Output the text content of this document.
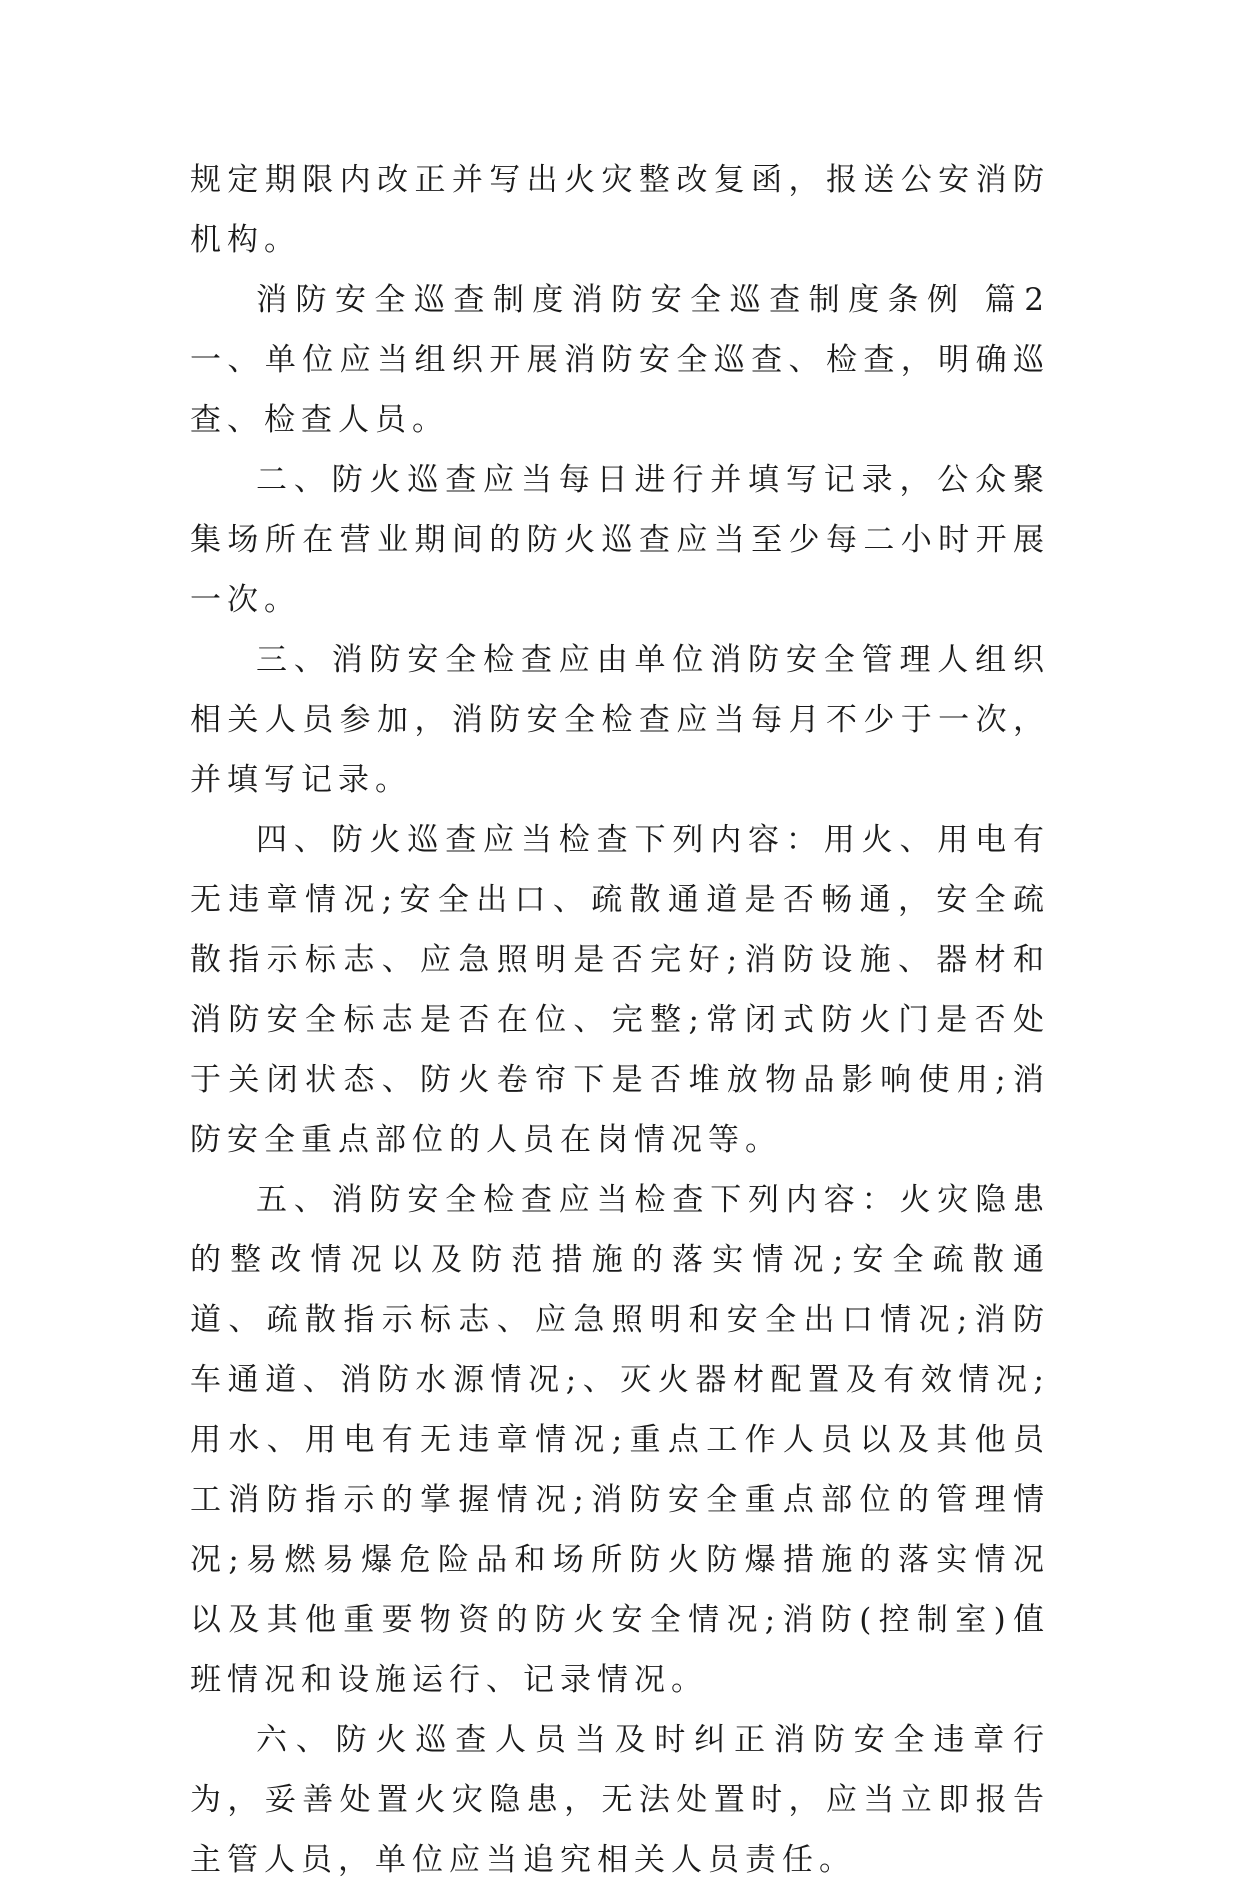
规定期限内改正并写出火灾整改复函，报送公安消防机构。

消防安全巡查制度消防安全巡查制度条例 篇2 一、单位应当组织开展消防安全巡查、检查，明确巡查、检查人员。

二、防火巡查应当每日进行并填写记录，公众聚集场所在营业期间的防火巡查应当至少每二小时开展一次。

三、消防安全检查应由单位消防安全管理人组织相关人员参加，消防安全检查应当每月不少于一次，并填写记录。

四、防火巡查应当检查下列内容：用火、用电有无违章情况;安全出口、疏散通道是否畅通，安全疏散指示标志、应急照明是否完好;消防设施、器材和消防安全标志是否在位、完整;常闭式防火门是否处于关闭状态、防火卷帘下是否堆放物品影响使用;消防安全重点部位的人员在岗情况等。

五、消防安全检查应当检查下列内容：火灾隐患的整改情况以及防范措施的落实情况;安全疏散通道、疏散指示标志、应急照明和安全出口情况;消防车通道、消防水源情况;、灭火器材配置及有效情况;用水、用电有无违章情况;重点工作人员以及其他员工消防指示的掌握情况;消防安全重点部位的管理情况;易燃易爆危险品和场所防火防爆措施的落实情况以及其他重要物资的防火安全情况;消防(控制室)值班情况和设施运行、记录情况。

六、防火巡查人员当及时纠正消防安全违章行为，妥善处置火灾隐患，无法处置时，应当立即报告主管人员，单位应当追究相关人员责任。
